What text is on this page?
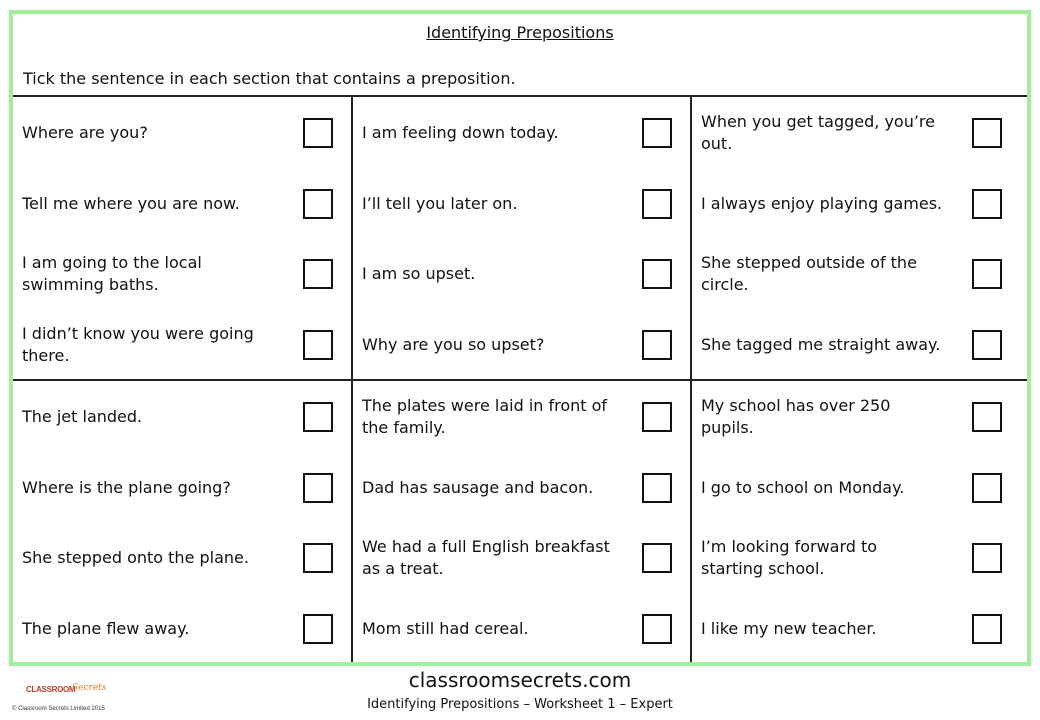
Identifying Prepositions
Tick the sentence in each section that contains a preposition.
Where are you?
Tell me where you are now.
I am going to the local swimming baths.
I didn’t know you were going there.
I am feeling down today.
I’ll tell you later on.
I am so upset.
Why are you so upset?
When you get tagged, you’re out.
I always enjoy playing games.
She stepped outside of the circle.
She tagged me straight away.
The jet landed.
Where is the plane going?
She stepped onto the plane.
The plane flew away.
The plates were laid in front of the family.
Dad has sausage and bacon.
We had a full English breakfast as a treat.
Mom still had cereal.
My school has over 250 pupils.
I go to school on Monday.
I’m looking forward to starting school.
I like my new teacher.
CLASSROOM
Secrets
© Classroom Secrets Limited 2015
classroomsecrets.com
Identifying Prepositions – Worksheet 1 – Expert
